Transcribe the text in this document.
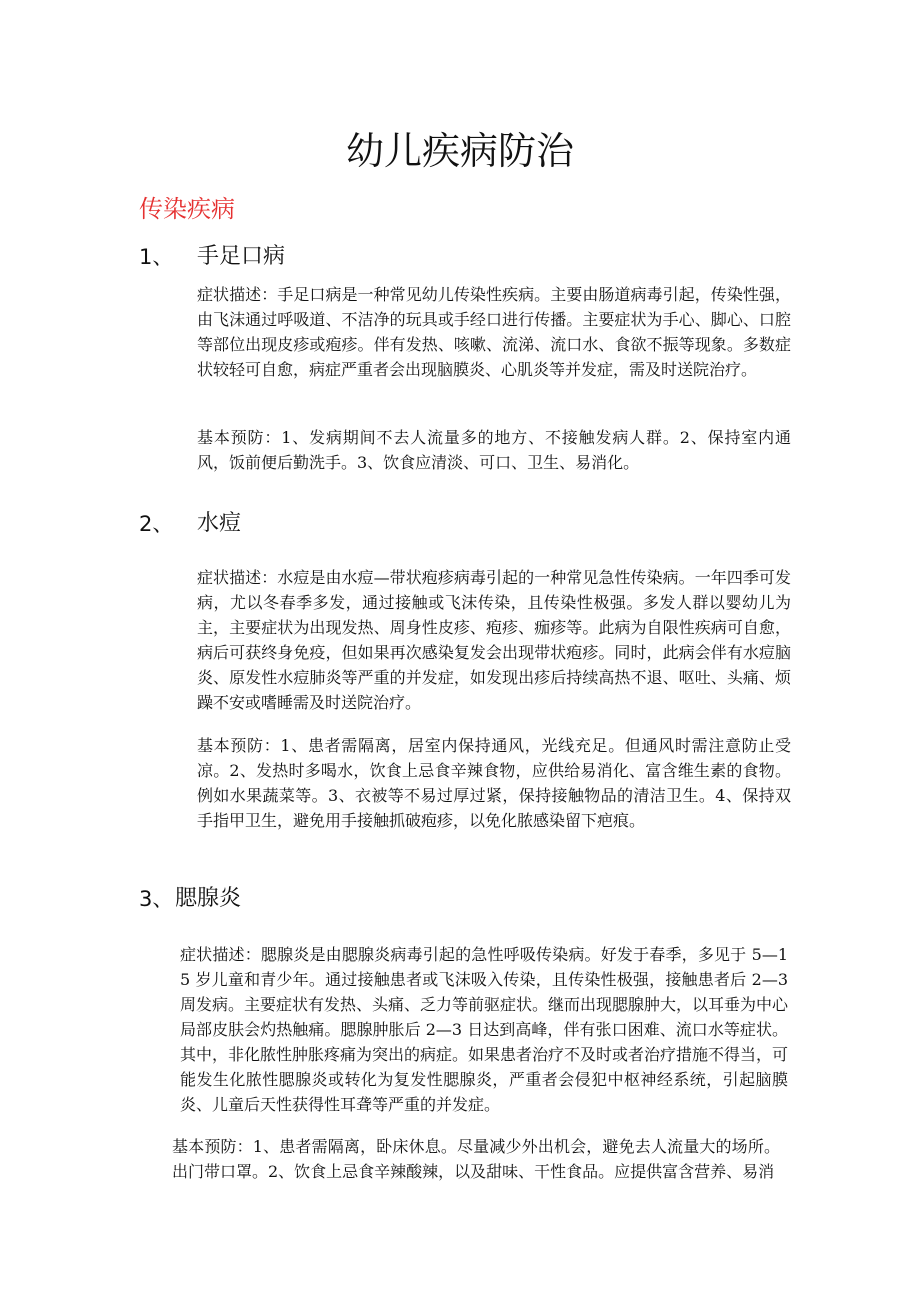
幼儿疾病防治
传染疾病
1、 手足口病

症状描述：手足口病是一种常见幼儿传染性疾病。主要由肠道病毒引起，传染性强，由飞沫通过呼吸道、不洁净的玩具或手经口进行传播。主要症状为手心、脚心、口腔等部位出现皮疹或疱疹。伴有发热、咳嗽、流涕、流口水、食欲不振等现象。多数症状较轻可自愈，病症严重者会出现脑膜炎、心肌炎等并发症，需及时送院治疗。

基本预防：1、发病期间不去人流量多的地方、不接触发病人群。2、保持室内通风，饭前便后勤洗手。3、饮食应清淡、可口、卫生、易消化。

2、 水痘

症状描述：水痘是由水痘—带状疱疹病毒引起的一种常见急性传染病。一年四季可发病，尤以冬春季多发，通过接触或飞沫传染，且传染性极强。多发人群以婴幼儿为主，主要症状为出现发热、周身性皮疹、疱疹、痂疹等。此病为自限性疾病可自愈，病后可获终身免疫，但如果再次感染复发会出现带状疱疹。同时，此病会伴有水痘脑炎、原发性水痘肺炎等严重的并发症，如发现出疹后持续高热不退、呕吐、头痛、烦躁不安或嗜睡需及时送院治疗。

基本预防：1、患者需隔离，居室内保持通风，光线充足。但通风时需注意防止受凉。2、发热时多喝水，饮食上忌食辛辣食物，应供给易消化、富含维生素的食物。例如水果蔬菜等。3、衣被等不易过厚过紧，保持接触物品的清洁卫生。4、保持双手指甲卫生，避免用手接触抓破疱疹，以免化脓感染留下疤痕。

3、 腮腺炎

症状描述：腮腺炎是由腮腺炎病毒引起的急性呼吸传染病。好发于春季，多见于 5—15 岁儿童和青少年。通过接触患者或飞沫吸入传染，且传染性极强，接触患者后 2—3 周发病。主要症状有发热、头痛、乏力等前驱症状。继而出现腮腺肿大，以耳垂为中心局部皮肤会灼热触痛。腮腺肿胀后 2—3 日达到高峰，伴有张口困难、流口水等症状。其中，非化脓性肿胀疼痛为突出的病症。如果患者治疗不及时或者治疗措施不得当，可能发生化脓性腮腺炎或转化为复发性腮腺炎，严重者会侵犯中枢神经系统，引起脑膜炎、儿童后天性获得性耳聋等严重的并发症。

基本预防：1、患者需隔离，卧床休息。尽量减少外出机会，避免去人流量大的场所。出门带口罩。2、饮食上忌食辛辣酸辣，以及甜味、干性食品。应提供富含营养、易消
